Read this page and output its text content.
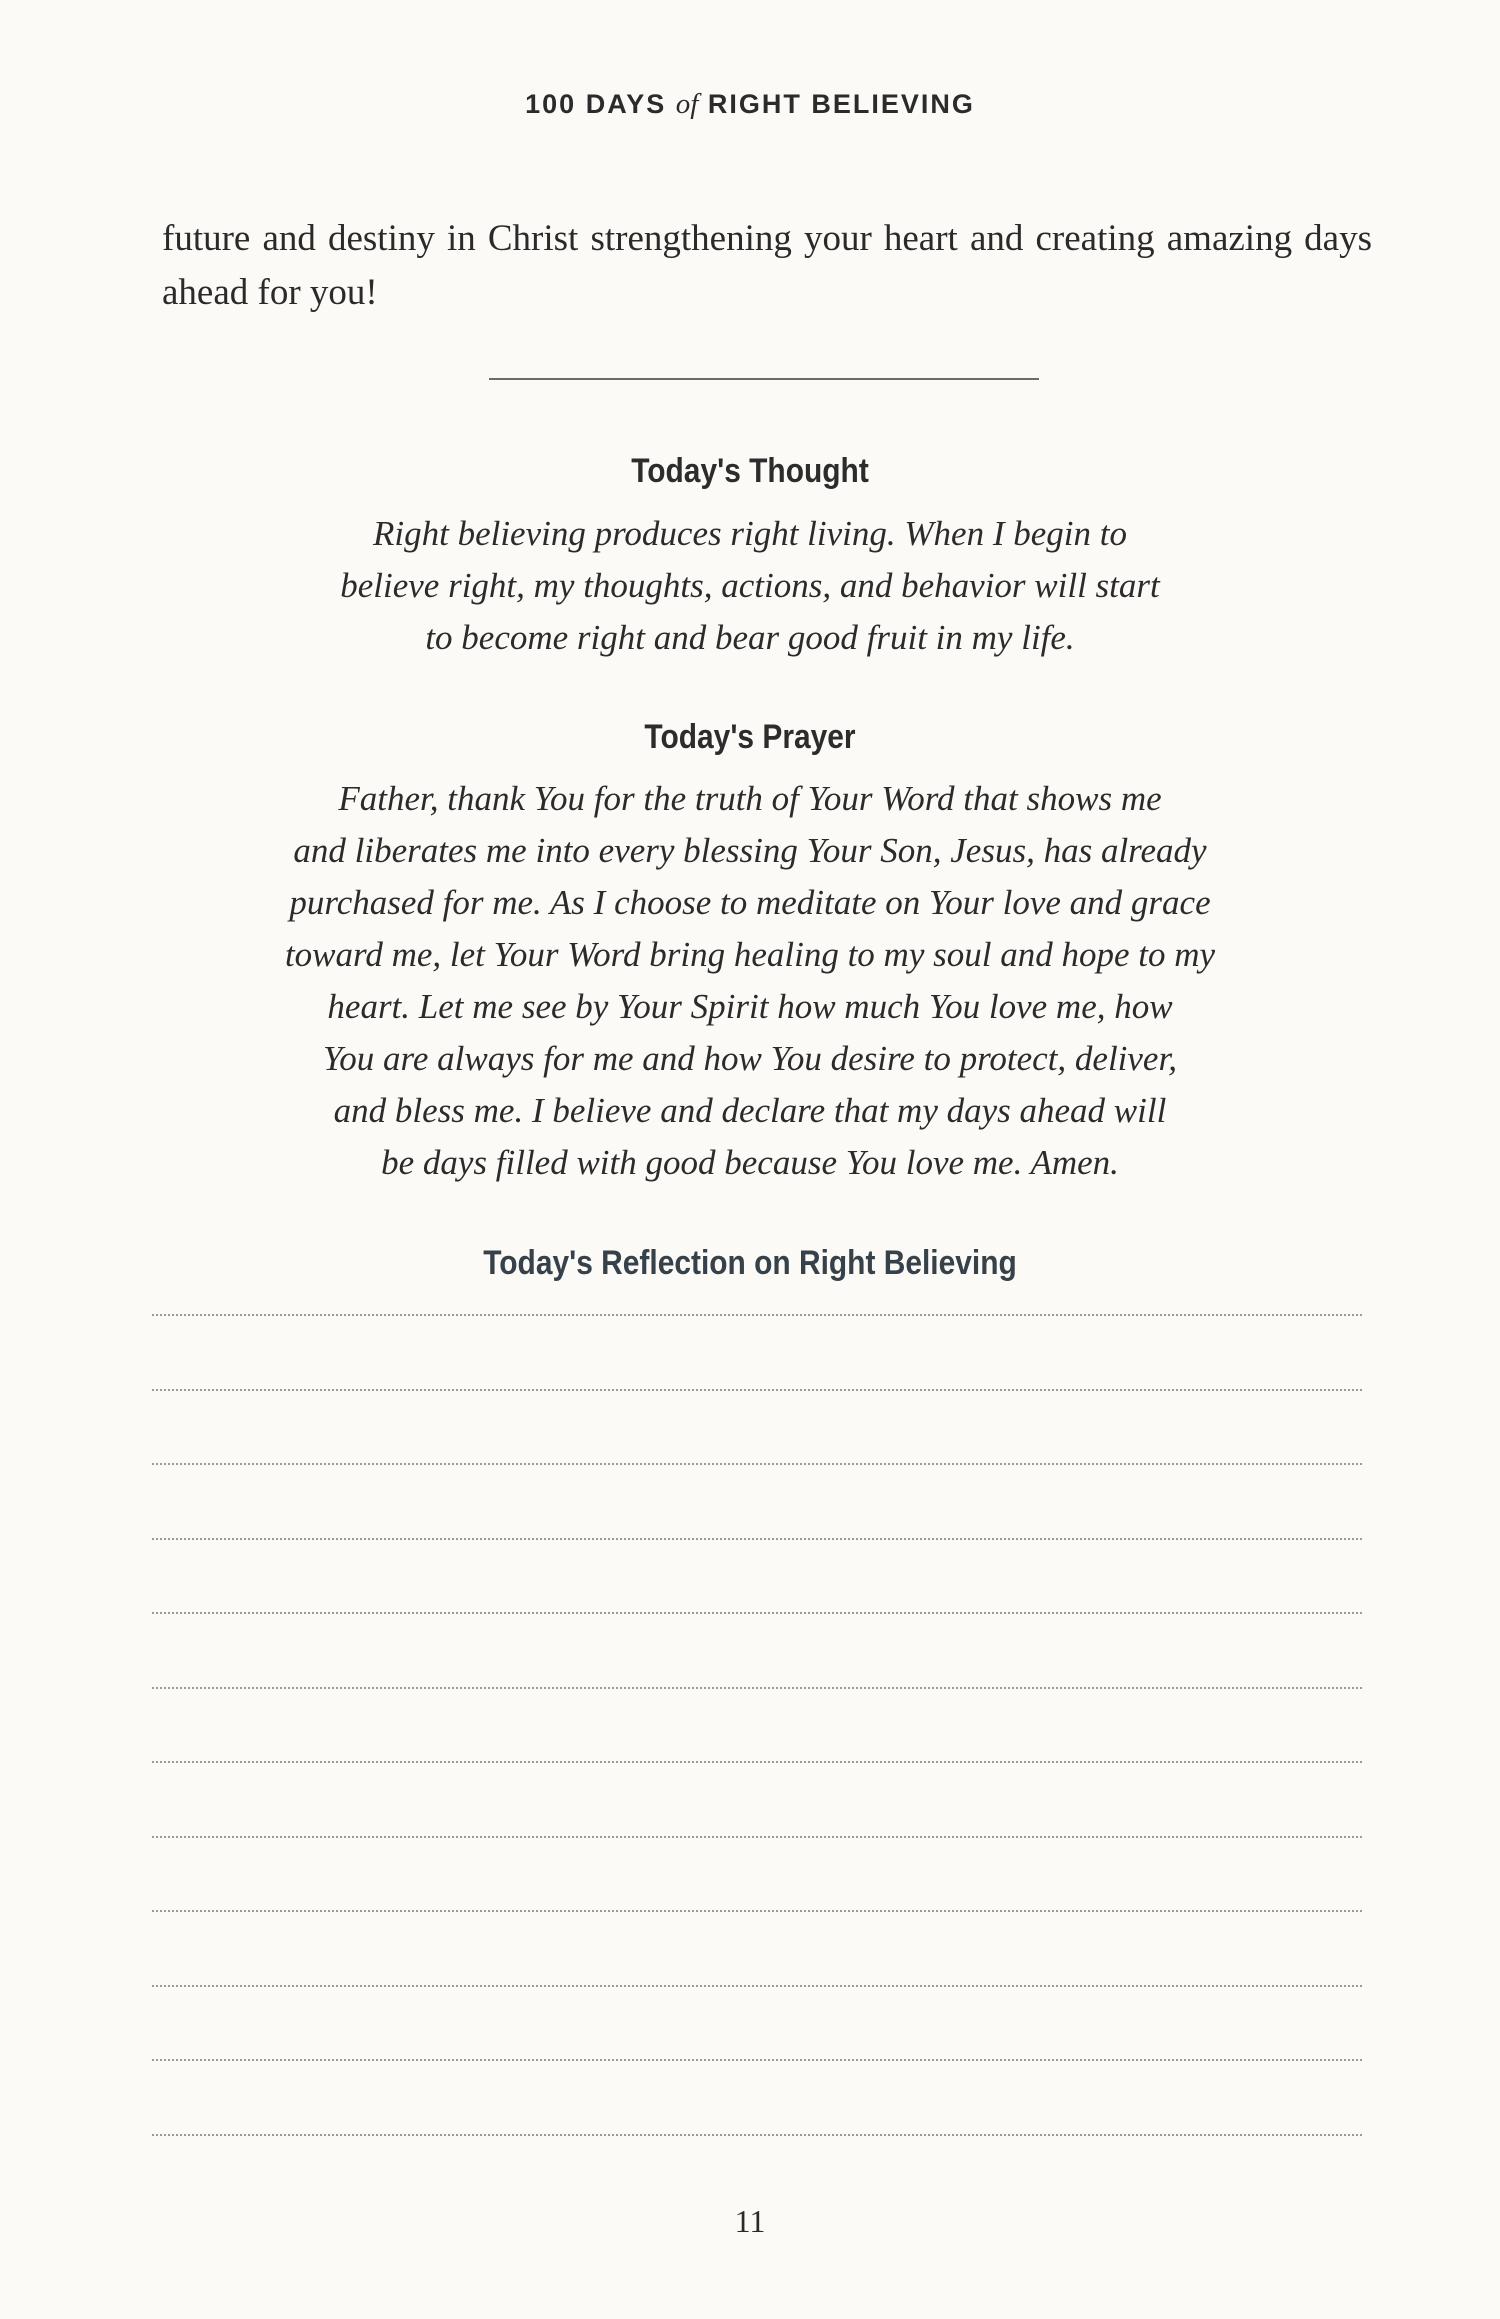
100 DAYS of RIGHT BELIEVING
future and destiny in Christ strengthening your heart and creating amazing days ahead for you!
Today's Thought
Right believing produces right living. When I begin to
believe right, my thoughts, actions, and behavior will start
to become right and bear good fruit in my life.
Today's Prayer
Father, thank You for the truth of Your Word that shows me
and liberates me into every blessing Your Son, Jesus, has already
purchased for me. As I choose to meditate on Your love and grace
toward me, let Your Word bring healing to my soul and hope to my
heart. Let me see by Your Spirit how much You love me, how
You are always for me and how You desire to protect, deliver,
and bless me. I believe and declare that my days ahead will
be days filled with good because You love me. Amen.
Today's Reflection on Right Believing
11
